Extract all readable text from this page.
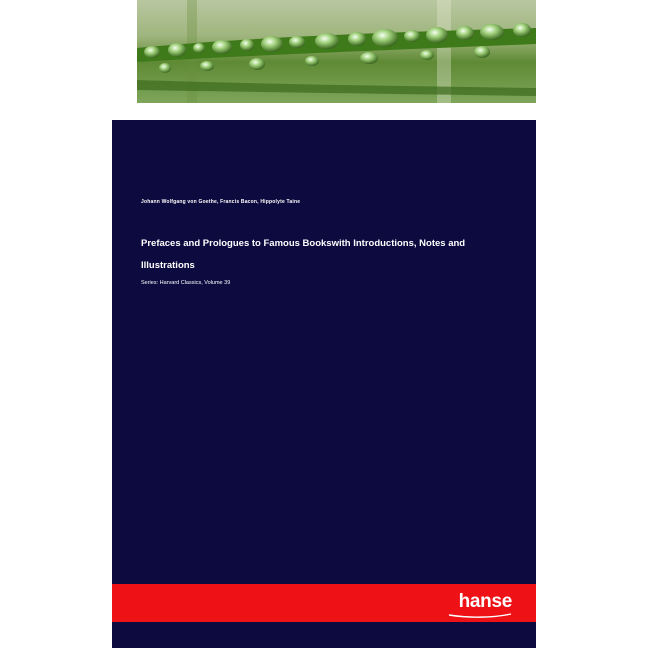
Johann Wolfgang von Goethe, Francis Bacon, Hippolyte Taine
Prefaces and Prologues to Famous Bookswith Introductions, Notes and Illustrations
Series: Harvard Classics, Volume 39
hanse
